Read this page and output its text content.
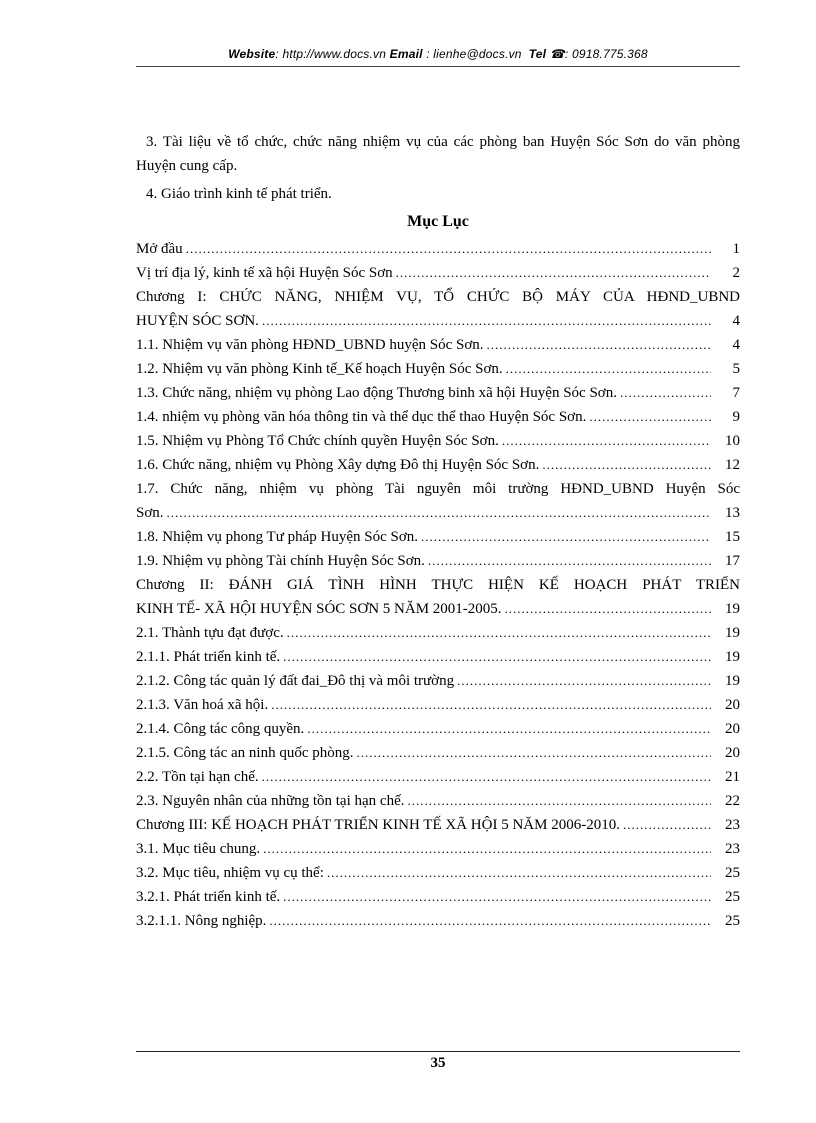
Website: http://www.docs.vn Email : lienhe@docs.vn Tel ☎: 0918.775.368
3. Tài liệu về tổ chức, chức năng nhiệm vụ của các phòng ban Huyện Sóc Sơn do văn phòng Huyện cung cấp.
4. Giáo trình kinh tế phát triển.
Mục Lục
Mở đầu .....	1
Vị trí địa lý, kinh tế xã hội Huyện Sóc Sơn .....	2
Chương I: CHỨC NĂNG, NHIỆM VỤ, TỔ CHỨC BỘ MÁY CỦA HĐND_UBND
HUYỆN SÓC SƠN. .....	4
1.1. Nhiệm vụ văn phòng HĐND_UBND huyện Sóc Sơn. .....	4
1.2. Nhiệm vụ văn phòng Kinh tế_Kế hoạch Huyện Sóc Sơn. .....	5
1.3. Chức năng, nhiệm vụ phòng Lao động Thương binh xã hội Huyện Sóc Sơn. .....	7
1.4. nhiệm vụ phòng văn hóa thông tin và thể dục thể thao Huyện Sóc Sơn. .....	9
1.5. Nhiệm vụ Phòng Tổ Chức chính quyền Huyện Sóc Sơn. .....	10
1.6. Chức năng, nhiệm vụ Phòng Xây dựng Đô thị Huyện Sóc Sơn. .....	12
1.7. Chức năng, nhiệm vụ phòng Tài nguyên môi trường HĐND_UBND Huyện Sóc
Sơn. .....	13
1.8. Nhiệm vụ phong Tư pháp Huyện Sóc Sơn. .....	15
1.9. Nhiệm vụ phòng Tài chính Huyện Sóc Sơn. .....	17
Chương II: ĐÁNH GIÁ TÌNH HÌNH THỰC HIỆN KẾ HOẠCH PHÁT TRIỂN
KINH TẾ- XÃ HỘI HUYỆN SÓC SƠN 5 NĂM 2001-2005. .....	19
2.1. Thành tựu đạt được. .....	19
2.1.1. Phát triển kinh tế. .....	19
2.1.2. Công tác quản lý đất đai_Đô thị và môi trường .....	19
2.1.3. Văn hoá xã hội. .....	20
2.1.4. Công tác công quyền. .....	20
2.1.5. Công tác an ninh quốc phòng. .....	20
2.2. Tồn tại hạn chế. .....	21
2.3. Nguyên nhân của những tồn tại hạn chế. .....	22
Chương III: KẾ HOẠCH PHÁT TRIỂN KINH TẾ XÃ HỘI 5 NĂM 2006-2010. .....	23
3.1. Mục tiêu chung. .....	23
3.2. Mục tiêu, nhiệm vụ cụ thể: .....	25
3.2.1. Phát triển kinh tế. .....	25
3.2.1.1. Nông nghiệp. .....	25
35
